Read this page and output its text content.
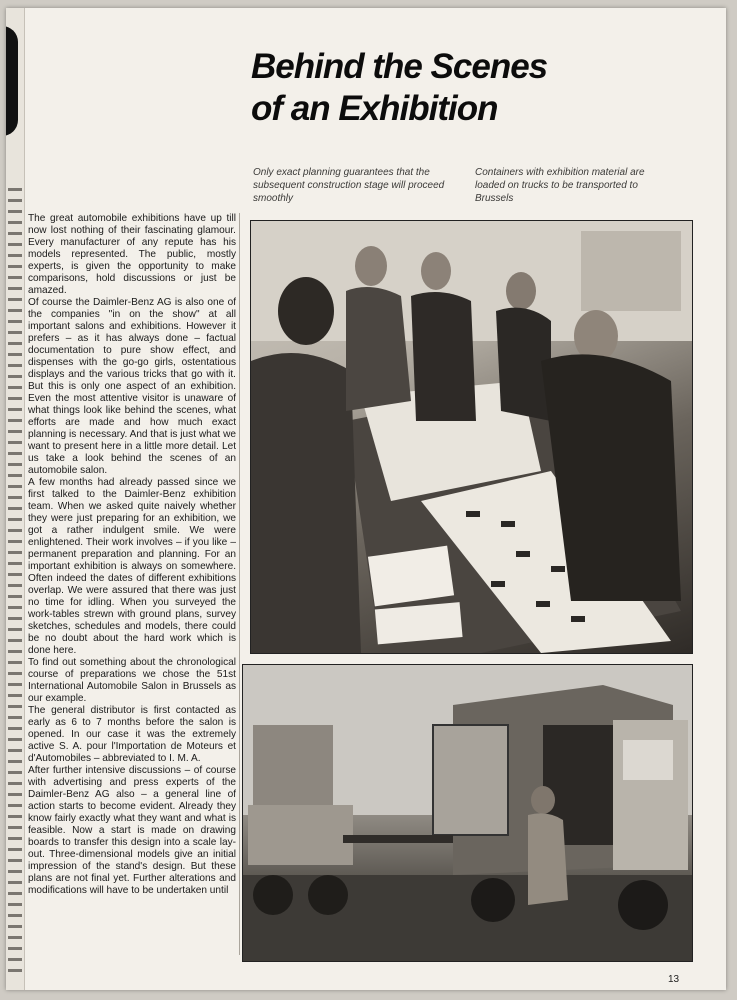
Behind the Scenes
of an Exhibition
Only exact planning guarantees that the subsequent construction stage will proceed smoothly
Containers with exhibition material are loaded on trucks to be transported to Brussels

The great automobile exhibitions have up till now lost nothing of their fascinating glamour. Every manufacturer of any repute has his models represented. The public, mostly experts, is given the opportunity to make comparisons, hold discussions or just be amazed.

Of course the Daimler-Benz AG is also one of the companies "in on the show" at all important salons and exhibitions. However it prefers – as it has always done – factual documentation to pure show effect, and dispenses with the go-go girls, ostentatious displays and the various tricks that go with it. But this is only one aspect of an exhibition. Even the most attentive visitor is unaware of what things look like behind the scenes, what efforts are made and how much exact planning is necessary. And that is just what we want to present here in a little more detail. Let us take a look behind the scenes of an automobile salon.

A few months had already passed since we first talked to the Daimler-Benz exhibition team. When we asked quite naively whether they were just preparing for an exhibition, we got a rather indulgent smile. We were enlightened. Their work involves – if you like – permanent preparation and planning. For an important exhibition is always on somewhere. Often indeed the dates of different exhibitions overlap. We were assured that there was just no time for idling. When you surveyed the work-tables strewn with ground plans, survey sketches, schedules and models, there could be no doubt about the hard work which is done here.

To find out something about the chronological course of preparations we chose the 51st International Automobile Salon in Brussels as our example.

The general distributor is first contacted as early as 6 to 7 months before the salon is opened. In our case it was the extremely active S. A. pour l'Importation de Moteurs et d'Automobiles – abbreviated to I. M. A.

After further intensive discussions – of course with advertising and press experts of the Daimler-Benz AG also – a general line of action starts to become evident. Already they know fairly exactly what they want and what is feasible. Now a start is made on drawing boards to transfer this design into a scale lay-out. Three-dimensional models give an initial impression of the stand's design. But these plans are not final yet. Further alterations and modifications will have to be undertaken until

13
